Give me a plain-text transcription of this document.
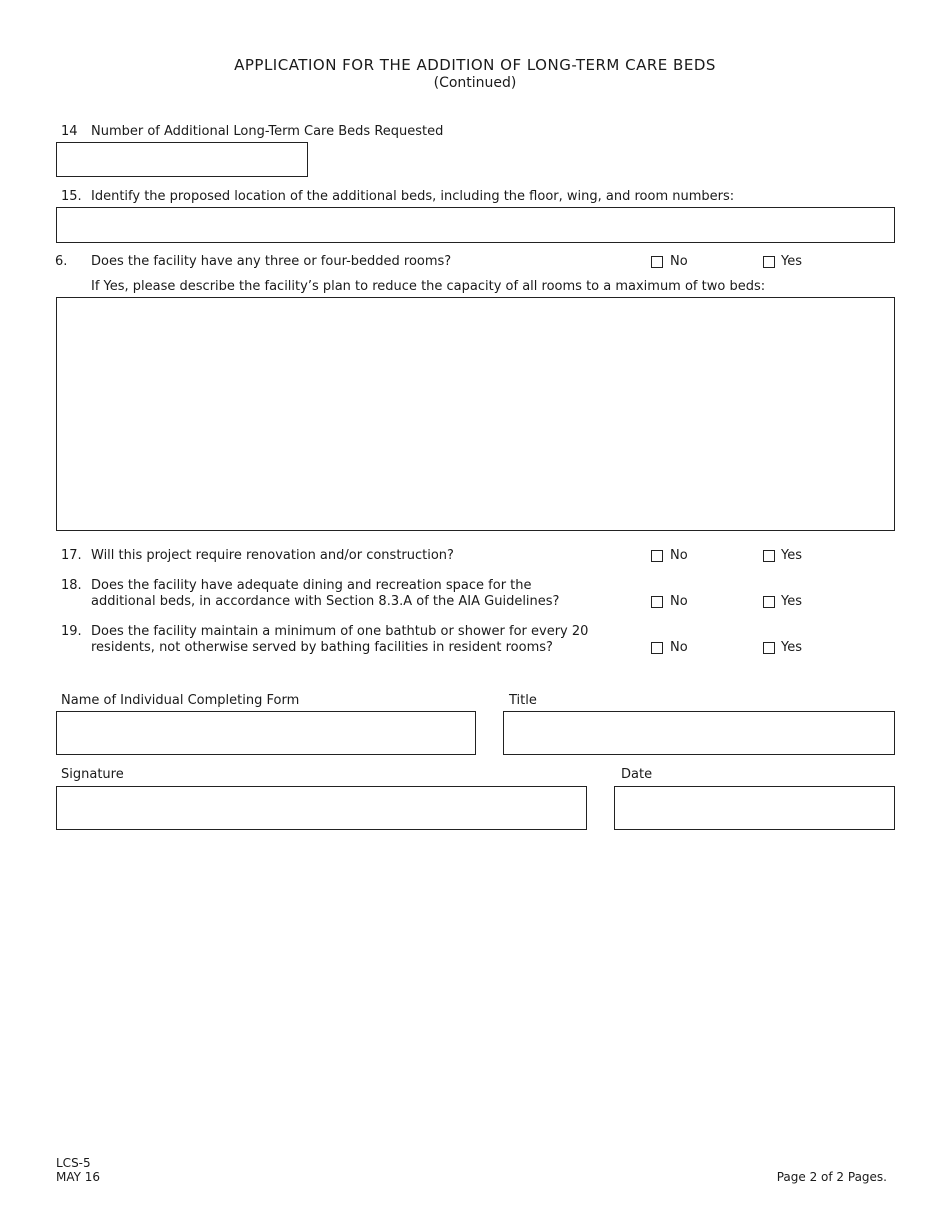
APPLICATION FOR THE ADDITION OF LONG-TERM CARE BEDS
(Continued)
14 Number of Additional Long-Term Care Beds Requested
15. Identify the proposed location of the additional beds, including the floor, wing, and room numbers:
6. Does the facility have any three or four-bedded rooms?	No	Yes
If Yes, please describe the facility’s plan to reduce the capacity of all rooms to a maximum of two beds:
17. Will this project require renovation and/or construction?	No	Yes
18. Does the facility have adequate dining and recreation space for the
additional beds, in accordance with Section 8.3.A of the AIA Guidelines?	No	Yes
19. Does the facility maintain a minimum of one bathtub or shower for every 20
residents, not otherwise served by bathing facilities in resident rooms?	No	Yes
Name of Individual Completing Form	Title
Signature	Date
LCS-5
MAY 16	Page 2 of 2 Pages.
